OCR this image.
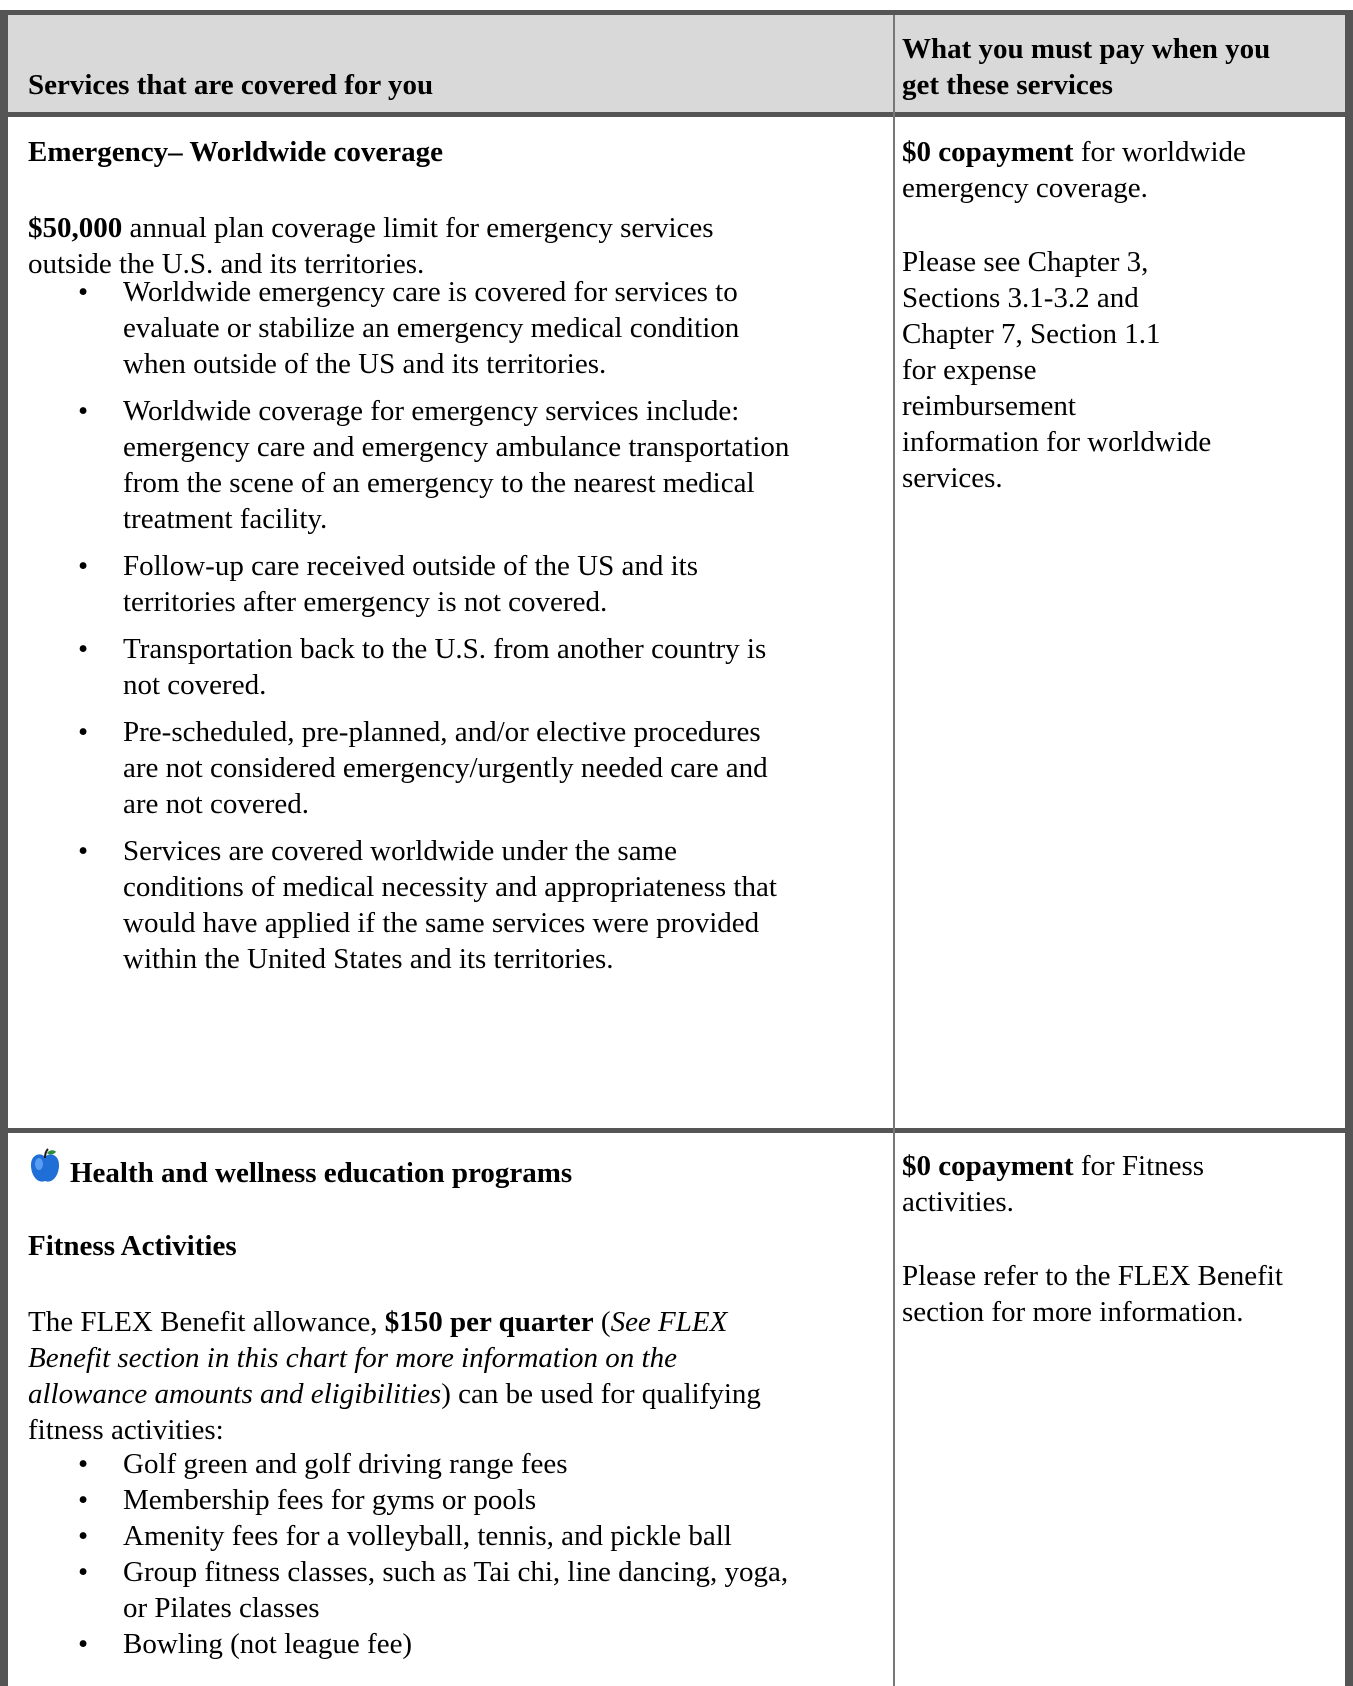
Services that are covered for you
What you must pay when you
get these services
Emergency– Worldwide coverage
$50,000 annual plan coverage limit for emergency services
outside the U.S. and its territories.
• Worldwide emergency care is covered for services to
evaluate or stabilize an emergency medical condition
when outside of the US and its territories.
• Worldwide coverage for emergency services include:
emergency care and emergency ambulance transportation
from the scene of an emergency to the nearest medical
treatment facility.
• Follow-up care received outside of the US and its
territories after emergency is not covered.
• Transportation back to the U.S. from another country is
not covered.
• Pre-scheduled, pre-planned, and/or elective procedures
are not considered emergency/urgently needed care and
are not covered.
• Services are covered worldwide under the same
conditions of medical necessity and appropriateness that
would have applied if the same services were provided
within the United States and its territories.
$0 copayment for worldwide
emergency coverage.
Please see Chapter 3,
Sections 3.1-3.2 and
Chapter 7, Section 1.1
for expense
reimbursement
information for worldwide
services.
Health and wellness education programs
Fitness Activities
The FLEX Benefit allowance, $150 per quarter (See FLEX
Benefit section in this chart for more information on the
allowance amounts and eligibilities) can be used for qualifying
fitness activities:
• Golf green and golf driving range fees
• Membership fees for gyms or pools
• Amenity fees for a volleyball, tennis, and pickle ball
• Group fitness classes, such as Tai chi, line dancing, yoga,
or Pilates classes
• Bowling (not league fee)
$0 copayment for Fitness
activities.
Please refer to the FLEX Benefit
section for more information.
